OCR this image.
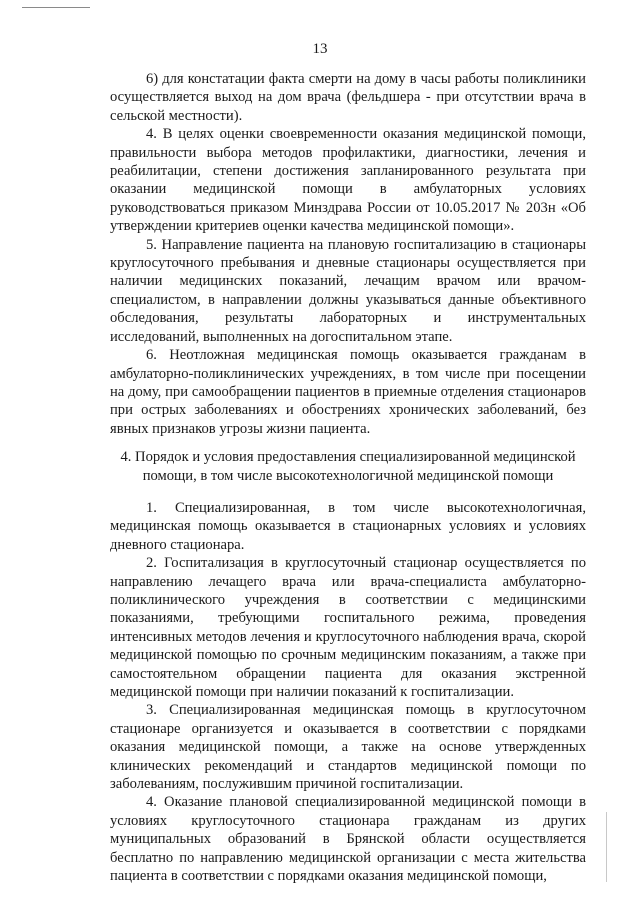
13

6) для констатации факта смерти на дому в часы работы поликлиники осуществляется выход на дом врача (фельдшера - при отсутствии врача в сельской местности).

4. В целях оценки своевременности оказания медицинской помощи, правильности выбора методов профилактики, диагностики, лечения и реабилитации, степени достижения запланированного результата при оказании медицинской помощи в амбулаторных условиях руководствоваться приказом Минздрава России от 10.05.2017 № 203н «Об утверждении критериев оценки качества медицинской помощи».

5. Направление пациента на плановую госпитализацию в стационары круглосуточного пребывания и дневные стационары осуществляется при наличии медицинских показаний, лечащим врачом или врачом-специалистом, в направлении должны указываться данные объективного обследования, результаты лабораторных и инструментальных исследований, выполненных на догоспитальном этапе.

6. Неотложная медицинская помощь оказывается гражданам в амбулаторно-поликлинических учреждениях, в том числе при посещении на дому, при самообращении пациентов в приемные отделения стационаров при острых заболеваниях и обострениях хронических заболеваний, без явных признаков угрозы жизни пациента.

4. Порядок и условия предоставления специализированной медицинской помощи, в том числе высокотехнологичной медицинской помощи

1. Специализированная, в том числе высокотехнологичная, медицинская помощь оказывается в стационарных условиях и условиях дневного стационара.

2. Госпитализация в круглосуточный стационар осуществляется по направлению лечащего врача или врача-специалиста амбулаторно-поликлинического учреждения в соответствии с медицинскими показаниями, требующими госпитального режима, проведения интенсивных методов лечения и круглосуточного наблюдения врача, скорой медицинской помощью по срочным медицинским показаниям, а также при самостоятельном обращении пациента для оказания экстренной медицинской помощи при наличии показаний к госпитализации.

3. Специализированная медицинская помощь в круглосуточном стационаре организуется и оказывается в соответствии с порядками оказания медицинской помощи, а также на основе утвержденных клинических рекомендаций и стандартов медицинской помощи по заболеваниям, послужившим причиной госпитализации.

4. Оказание плановой специализированной медицинской помощи в условиях круглосуточного стационара гражданам из других муниципальных образований в Брянской области осуществляется бесплатно по направлению медицинской организации с места жительства пациента в соответствии с порядками оказания медицинской помощи,
